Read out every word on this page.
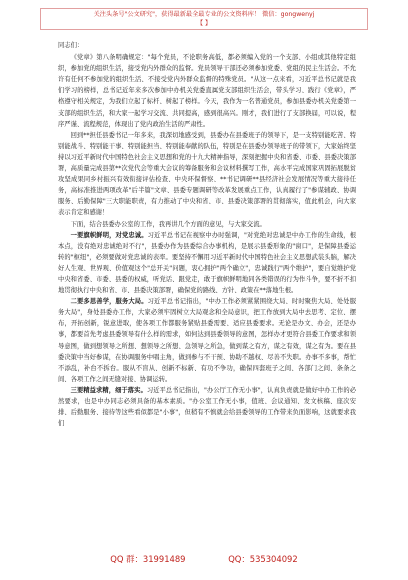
关注头条号"公文研究"，获得最新最全最专业的公文资料库！ 微信：gongwenyj
【 】

同志们：

《党章》第八条明确规定："每个党员，不论职务高低，都必须编入党的一个支部、小组或其他特定组织，参加党的组织生活，接受党内外群众的监督。党员领导干部还必须参加党委、党组的民主生活会。不允许有任何不参加党的组织生活、不接受党内外群众监督的特殊党员。"从这一点来看，习近平总书记就是我们学习的榜样，总书记近年来多次参加中办机关党委直属党支部组织生活会，带头学习、践行《党章》，严格遵守相关规定，为我们立起了标杆、树起了榜样。今天，我作为一名普通党员，参加县委办机关党委第一支部的组织生活，和大家一起学习交流、共同提高，感到很高兴。刚才，我们进行了支部换届，可以说，程序严谨、流程规范，体现出了党内政治生活的严肃性。

回到**担任县委书记一年多来，我深切地感受到，县委办在县委班子的领导下，是一支特别能吃苦、特别能战斗、特别能干事、特别能担当、特别能奉献的队伍，特别是在县委办领导班子的带领下，大家始终坚持以习近平新时代中国特色社会主义思想和党的十九大精神指导，深刻把握中央和省委、市委、县委决策部署，高质量完成县第**次党代会等重大会议的筹备服务和会议材料撰写工作，高水平完成国家巩固拓展脱贫攻坚成果同乡村振兴有效衔接评估检查、中央环保督察、**书记调研**县经济社会发展情况等重大接待任务，高标准推进两项改革"后半篇"文章、县委专题调研等改革发展重点工作，认真履行了"参谋辅政、协调服务、后勤保障"三大职能职责，有力推动了中央和省、市、县委决策部署的贯彻落实，值此机会，向大家表示肯定和感谢！

下面，结合县委办公室的工作，我再讲几个方面的意见，与大家交流。

一要旗帜鲜明，对党忠诚。习近平总书记在视察中办时强调，"对党绝对忠诚是中办工作的生命线，根本点，没有绝对忠诚绝对不行"，县委办作为县委综合办事机构，是展示县委形象的"窗口"，是保障县委运转的"枢纽"，必须要做对党忠诚的表率。要坚持不懈用习近平新时代中国特色社会主义思想武装头脑，解决好人生观、世界观、价值观这个"总开关"问题，衷心拥护"两个确立"，忠诚践行"两个维护"，要自觉维护党中央和省委、市委、县委的权威，听党话、跟党走，敢于旗帜鲜明地同各类错误的行为作斗争，要不折不扣地贯彻执行中央和省、市、县委决策部署，确保党的路线、方针、政策在**落地生根。

二要多思善学，服务大局。习近平总书记指出，"中办工作必须紧紧围绕大局、时时聚焦大局、处处服务大局"，身处县委办工作，大家必须牢固树立大局观念和全局意识，把工作放到大局中去思考、定位、摆布，开拓创新，锐意进取，使各项工作都服务紧贴县委需要、适应县委要求。无论是办文、办会，还是办事，都要首先考虑县委领导有什么样的需求，如何达到县委领导的意图，怎样办才更符合县委工作要求和领导意图，做到想领导之所想、想领导之所想、急领导之所急，做到谋之有方，谋之有效，谋之有为。要在县委决策中当好参谋，在协调服务中唱主角，做到参与不干预、协助不越权、尽善不失职。办事不多事，帮忙不添乱，补台不拆台。服从不盲从、创新不标新、有功不争功，确保四套班子之间、各部门之间、条条之间、各项工作之间无缝对接、协调运转。

三要精益求精，细于落实。习近平总书记指出，"办公厅工作无小事"，认真负责就是做好中办工作的必然要求，也是中办同志必须具备的基本素质。"办公室工作无小事，值班、会议通知、发文核稿、座次安排、后勤服务、接待等这些看似都是"小事"，但稍有不慎就会给县委领导的工作带来负面影响，这就要求我们

QQ 群：31991489	QQ：535304092
